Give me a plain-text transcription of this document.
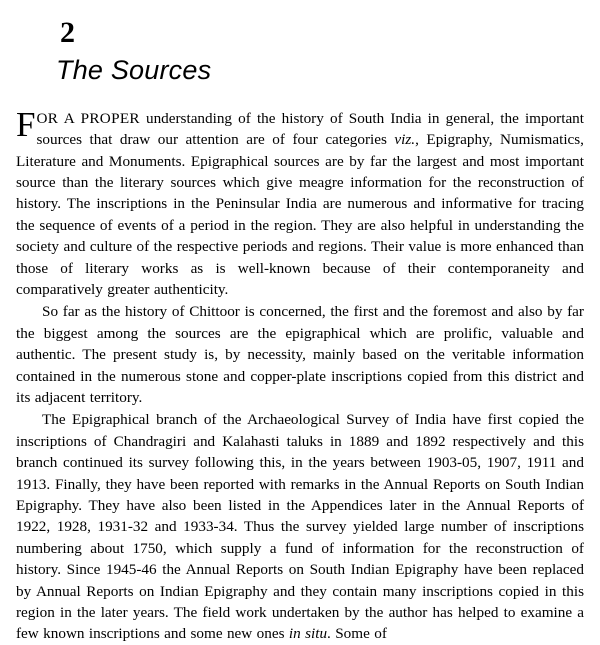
2
The Sources

FOR A PROPER understanding of the history of South India in general, the important sources that draw our attention are of four categories viz., Epigraphy, Numismatics, Literature and Monuments. Epigraphical sources are by far the largest and most important source than the literary sources which give meagre information for the reconstruction of history. The inscriptions in the Peninsular India are numerous and informative for tracing the sequence of events of a period in the region. They are also helpful in understanding the society and culture of the respective periods and regions. Their value is more enhanced than those of literary works as is well-known because of their contemporaneity and comparatively greater authenticity.

So far as the history of Chittoor is concerned, the first and the foremost and also by far the biggest among the sources are the epigraphical which are prolific, valuable and authentic. The present study is, by necessity, mainly based on the veritable information contained in the numerous stone and copper-plate inscriptions copied from this district and its adjacent territory.

The Epigraphical branch of the Archaeological Survey of India have first copied the inscriptions of Chandragiri and Kalahasti taluks in 1889 and 1892 respectively and this branch continued its survey following this, in the years between 1903-05, 1907, 1911 and 1913. Finally, they have been reported with remarks in the Annual Reports on South Indian Epigraphy. They have also been listed in the Appendices later in the Annual Reports of 1922, 1928, 1931-32 and 1933-34. Thus the survey yielded large number of inscriptions numbering about 1750, which supply a fund of information for the reconstruction of history. Since 1945-46 the Annual Reports on South Indian Epigraphy have been replaced by Annual Reports on Indian Epigraphy and they contain many inscriptions copied in this region in the later years. The field work undertaken by the author has helped to examine a few known inscriptions and some new ones in situ. Some of
